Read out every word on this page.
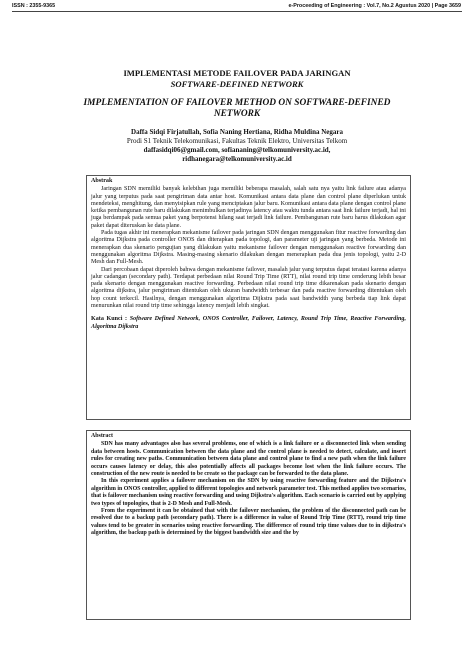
ISSN : 2355-9365	e-Proceeding of Engineering : Vol.7, No.2 Agustus 2020 | Page 3659
IMPLEMENTASI METODE FAILOVER PADA JARINGAN
SOFTWARE-DEFINED NETWORK
IMPLEMENTATION OF FAILOVER METHOD ON SOFTWARE-DEFINED
NETWORK
Daffa Sidqi Firjatullah, Sofia Naning Hertiana, Ridha Muldina Negara
Prodi S1 Teknik Telekomunikasi, Fakultas Teknik Elektro, Universitas Telkom
daffasidqi06@gmail.com, sofiananing@telkomuniversity.ac.id,
ridhanegara@telkomuniversity.ac.id

Abstrak

Jaringan SDN memiliki banyak kelebihan juga memiliki beberapa masalah, salah satu nya yaitu link failure atau adanya jalur yang terputus pada saat pengiriman data antar host. Komunikasi antara data plane dan control plane diperlukan untuk mendeteksi, menghitung, dan menyisipkan rule yang menciptakan jalur baru. Komunikasi antara data plane dengan control plane ketika pembangunan rute baru dilakukan menimbulkan terjadinya latency atau waktu tunda antara saat link failure terjadi, hal ini juga berdampak pada semua paket yang berpotensi hilang saat terjadi link failure. Pembangunan rute baru harus dilakukan agar paket dapat diteruskan ke data plane.

Pada tugas akhir ini menerapkan mekanisme failover pada jaringan SDN dengan menggunakan fitur reactive forwarding dan algoritma Dijkstra pada controller ONOS dan diterapkan pada topologi, dan parameter uji jaringan yang berbeda. Metode ini menerapkan dua skenario pengujian yang dilakukan yaitu mekanisme failover dengan menggunakan reactive forwarding dan menggunakan algoritma Dijkstra. Masing-masing skenario dilakukan dengan menerapkan pada dua jenis topologi, yaitu 2-D Mesh dan Full-Mesh.

Dari percobaan dapat diperoleh bahwa dengan mekanisme failover, masalah jalur yang terputus dapat teratasi karena adanya jalur cadangan (secondary path). Terdapat perbedaan nilai Round Trip Time (RTT), nilai round trip time cenderung lebih besar pada skenario dengan menggunakan reactive forwarding. Perbedaan nilai round trip time dikarenakan pada skenario dengan algoritma dijkstra, jalur pengiriman ditentukan oleh ukuran bandwidth terbesar dan pada reactive forwarding ditentukan oleh hop count terkecil. Hasilnya, dengan menggunakan algoritma Dijkstra pada saat bandwidth yang berbeda tiap link dapat menurunkan nilai round trip time sehingga latency menjadi lebih singkat.

Kata Kunci : Software Defined Network, ONOS Controller, Failover, Latency, Round Trip Time, Reactive Forwarding, Algoritma Dijkstra

Abstract

SDN has many advantages also has several problems, one of which is a link failure or a disconnected link when sending data between hosts. Communication between the data plane and the control plane is needed to detect, calculate, and insert rules for creating new paths. Communication between data plane and control plane to find a new path when the link failure occurs causes latency or delay, this also potentially affects all packages become lost when the link failure occurs. The construction of the new route is needed to be create so the package can be forwarded to the data plane.

In this experiment applies a failover mechanism on the SDN by using reactive forwarding feature and the Dijkstra's algorithm in ONOS controller, applied to different topologies and network parameter test. This method applies two scenarios, that is failover mechanism using reactive forwarding and using Dijkstra's algorithm. Each scenario is carried out by applying two types of topologies, that is 2-D Mesh and Full-Mesh.

From the experiment it can be obtained that with the failover mechanism, the problem of the disconnected path can be resolved due to a backup path (secondary path). There is a difference in value of Round Trip Time (RTT), round trip time values tend to be greater in scenarios using reactive forwarding. The difference of round trip time values due to in dijkstra's algorithm, the backup path is determined by the biggest bandwidth size and the by
